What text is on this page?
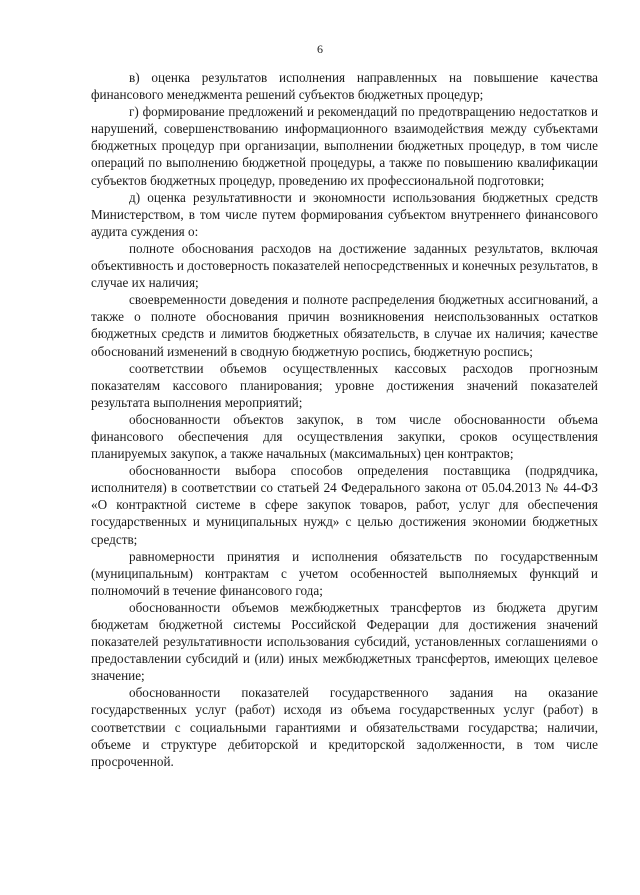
6

в) оценка результатов исполнения направленных на повышение качества финансового менеджмента решений субъектов бюджетных процедур;

г) формирование предложений и рекомендаций по предотвращению недостатков и нарушений, совершенствованию информационного взаимодействия между субъектами бюджетных процедур при организации, выполнении бюджетных процедур, в том числе операций по выполнению бюджетной процедуры, а также по повышению квалификации субъектов бюджетных процедур, проведению их профессиональной подготовки;

д) оценка результативности и экономности использования бюджетных средств Министерством, в том числе путем формирования субъектом внутреннего финансового аудита суждения о:

полноте обоснования расходов на достижение заданных результатов, включая объективность и достоверность показателей непосредственных и конечных результатов, в случае их наличия;

своевременности доведения и полноте распределения бюджетных ассигнований, а также о полноте обоснования причин возникновения неиспользованных остатков бюджетных средств и лимитов бюджетных обязательств, в случае их наличия; качестве обоснований изменений в сводную бюджетную роспись, бюджетную роспись;

соответствии объемов осуществленных кассовых расходов прогнозным показателям кассового планирования; уровне достижения значений показателей результата выполнения мероприятий;

обоснованности объектов закупок, в том числе обоснованности объема финансового обеспечения для осуществления закупки, сроков осуществления планируемых закупок, а также начальных (максимальных) цен контрактов;

обоснованности выбора способов определения поставщика (подрядчика, исполнителя) в соответствии со статьей 24 Федерального закона от 05.04.2013 № 44-ФЗ «О контрактной системе в сфере закупок товаров, работ, услуг для обеспечения государственных и муниципальных нужд» с целью достижения экономии бюджетных средств;

равномерности принятия и исполнения обязательств по государственным (муниципальным) контрактам с учетом особенностей выполняемых функций и полномочий в течение финансового года;

обоснованности объемов межбюджетных трансфертов из бюджета другим бюджетам бюджетной системы Российской Федерации для достижения значений показателей результативности использования субсидий, установленных соглашениями о предоставлении субсидий и (или) иных межбюджетных трансфертов, имеющих целевое значение;

обоснованности показателей государственного задания на оказание государственных услуг (работ) исходя из объема государственных услуг (работ) в соответствии с социальными гарантиями и обязательствами государства; наличии, объеме и структуре дебиторской и кредиторской задолженности, в том числе просроченной.
